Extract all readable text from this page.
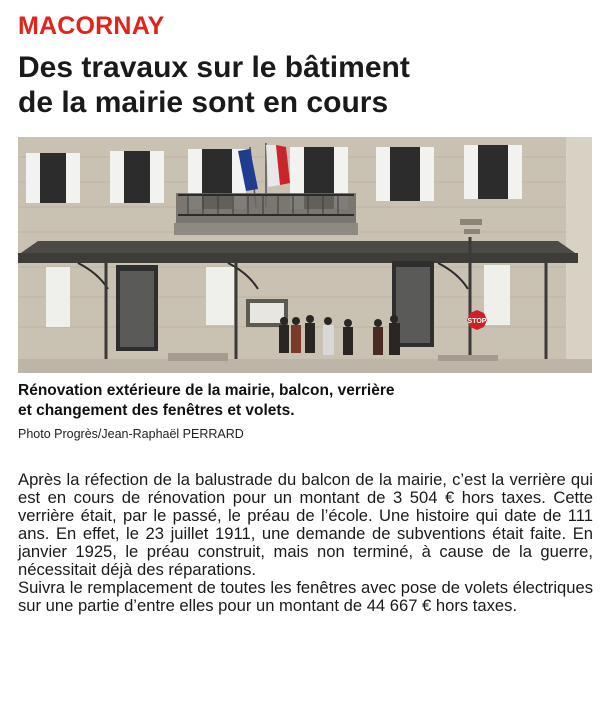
MACORNAY
Des travaux sur le bâtiment
de la mairie sont en cours
STOP
Rénovation extérieure de la mairie, balcon, verrière
et changement des fenêtres et volets.
Photo Progrès/Jean-Raphaël PERRARD

Après la réfection de la balustrade du balcon de la mairie, c’est la verrière qui est en cours de rénovation pour un montant de 3 504 € hors taxes. Cette verrière était, par le passé, le préau de l’école. Une histoire qui date de 111 ans. En effet, le 23 juillet 1911, une demande de subventions était faite. En janvier 1925, le préau construit, mais non terminé, à cause de la guerre, nécessitait déjà des réparations.

Suivra le remplacement de toutes les fenêtres avec pose de volets électriques sur une partie d’entre elles pour un montant de 44 667 € hors taxes.
